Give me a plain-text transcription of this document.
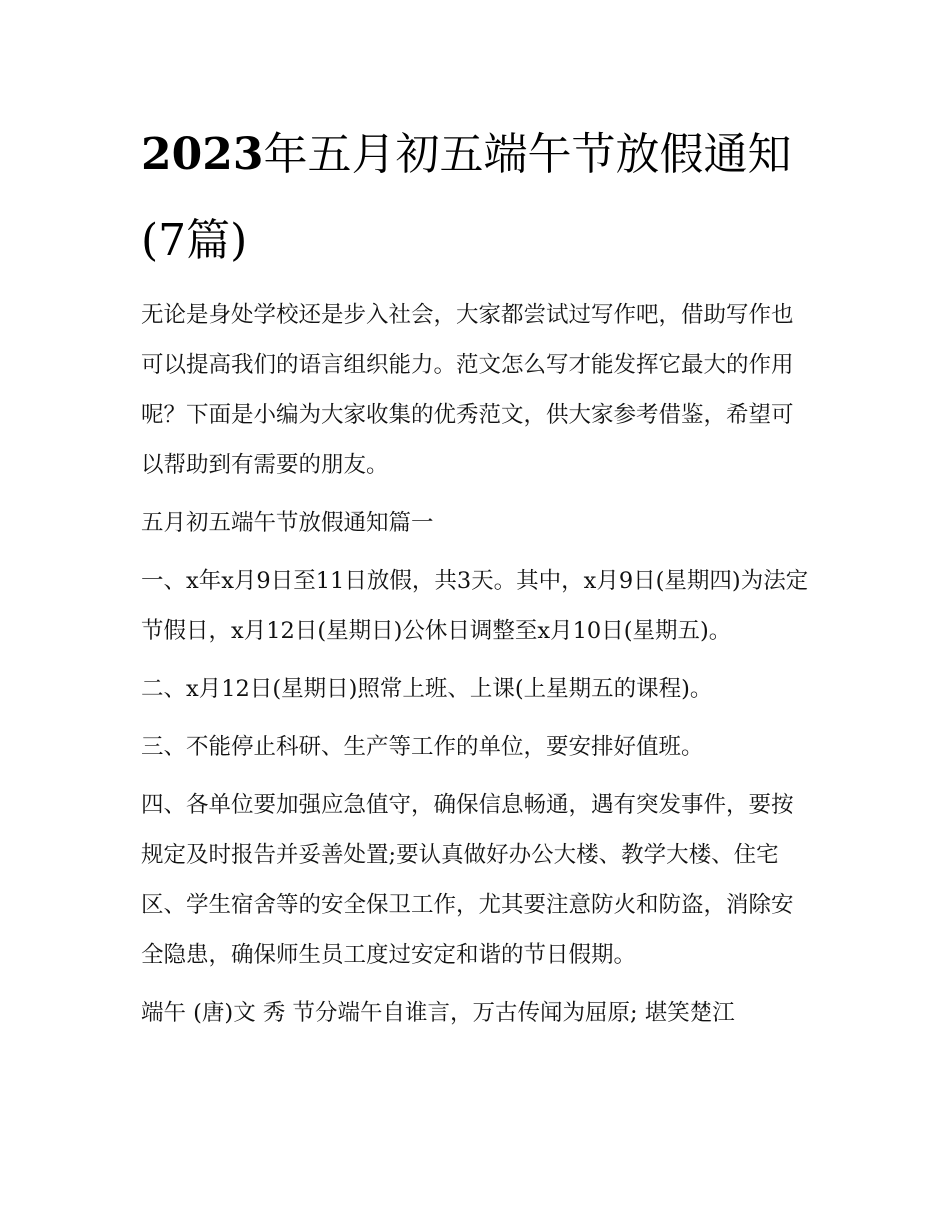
2023年五月初五端午节放假通知(7篇)

无论是身处学校还是步入社会，大家都尝试过写作吧，借助写作也可以提高我们的语言组织能力。范文怎么写才能发挥它最大的作用呢？下面是小编为大家收集的优秀范文，供大家参考借鉴，希望可以帮助到有需要的朋友。

五月初五端午节放假通知篇一

一、x年x月9日至11日放假，共3天。其中，x月9日(星期四)为法定节假日，x月12日(星期日)公休日调整至x月10日(星期五)。

二、x月12日(星期日)照常上班、上课(上星期五的课程)。

三、不能停止科研、生产等工作的单位，要安排好值班。

四、各单位要加强应急值守，确保信息畅通，遇有突发事件，要按规定及时报告并妥善处置;要认真做好办公大楼、教学大楼、住宅区、学生宿舍等的安全保卫工作，尤其要注意防火和防盗，消除安全隐患，确保师生员工度过安定和谐的节日假期。

端午 (唐)文 秀 节分端午自谁言，万古传闻为屈原; 堪笑楚江
